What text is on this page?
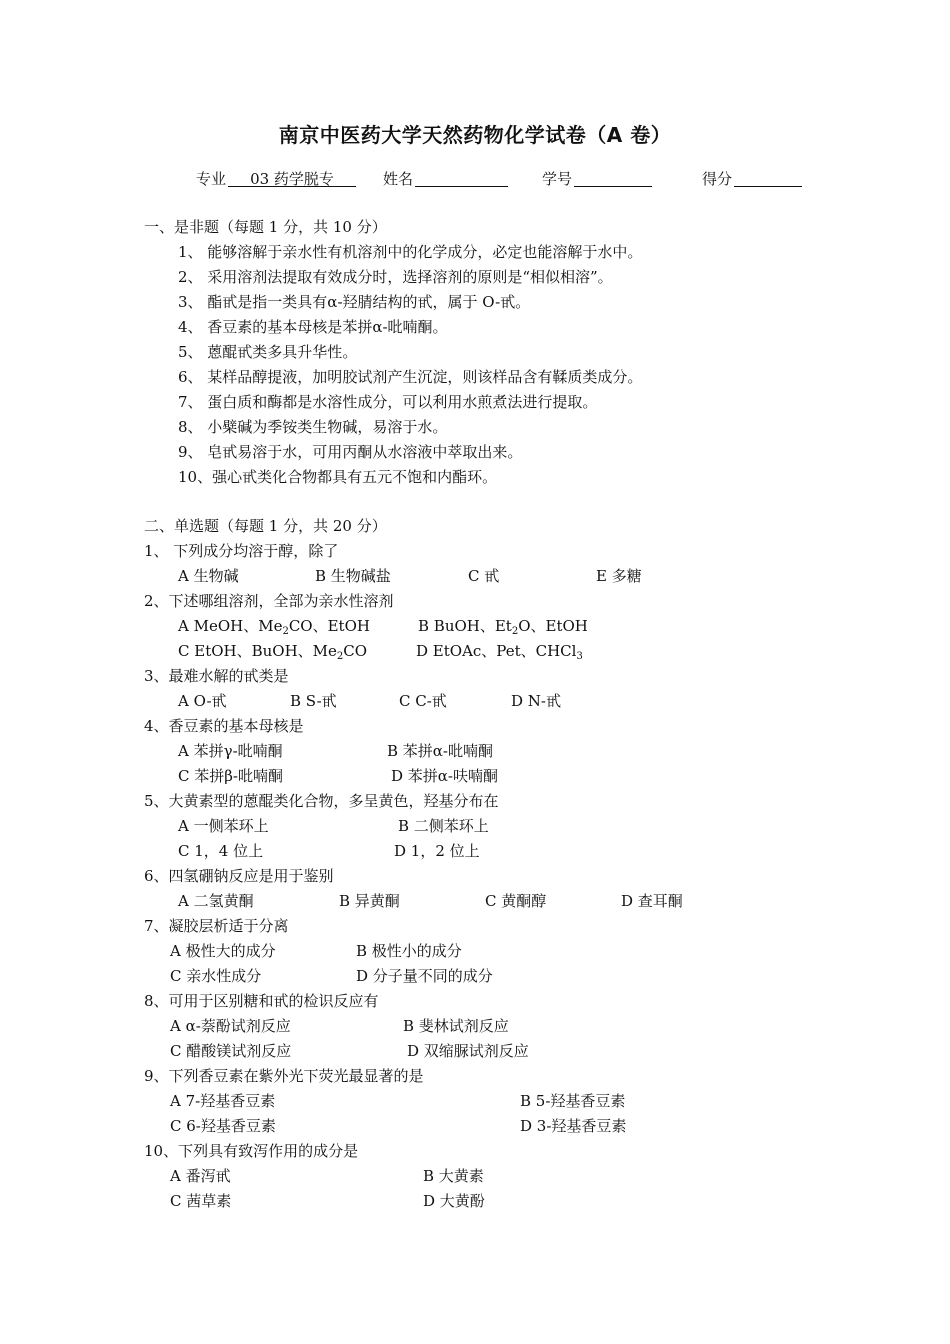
南京中医药大学天然药物化学试卷（A 卷）
专业	03 药学脱专	姓名	学号	得分
一、是非题（每题 1 分，共 10 分）
1、 能够溶解于亲水性有机溶剂中的化学成分，必定也能溶解于水中。
2、 采用溶剂法提取有效成分时，选择溶剂的原则是“相似相溶”。
3、 酯甙是指一类具有α-羟腈结构的甙，属于 O-甙。
4、 香豆素的基本母核是苯拼α-吡喃酮。
5、 蒽醌甙类多具升华性。
6、 某样品醇提液，加明胶试剂产生沉淀，则该样品含有鞣质类成分。
7、 蛋白质和酶都是水溶性成分，可以利用水煎煮法进行提取。
8、 小檗碱为季铵类生物碱，易溶于水。
9、 皂甙易溶于水，可用丙酮从水溶液中萃取出来。
10、强心甙类化合物都具有五元不饱和内酯环。
二、单选题（每题 1 分，共 20 分）
1、 下列成分均溶于醇，除了
A 生物碱	B 生物碱盐	C 甙	E 多糖
2、下述哪组溶剂，全部为亲水性溶剂
A MeOH、$Me_2CO$、EtOH	B BuOH、$Et_2O$、EtOH
C EtOH、BuOH、$Me_2CO$	D EtOAc、Pet、CHCl$_3$
3、最难水解的甙类是
A O-甙	B S-甙	C C-甙	D N-甙
4、香豆素的基本母核是
A 苯拼γ-吡喃酮	B 苯拼α-吡喃酮
C 苯拼β-吡喃酮	D 苯拼α-呋喃酮
5、大黄素型的蒽醌类化合物，多呈黄色，羟基分布在
A 一侧苯环上	B 二侧苯环上
C 1，4 位上	D 1，2 位上
6、四氢硼钠反应是用于鉴别
A 二氢黄酮	B 异黄酮	C 黄酮醇	D 查耳酮
7、凝胶层析适于分离
A 极性大的成分	B 极性小的成分
C 亲水性成分	D 分子量不同的成分
8、可用于区别糖和甙的检识反应有
A α-萘酚试剂反应	B 斐林试剂反应
C 醋酸镁试剂反应	D 双缩脲试剂反应
9、下列香豆素在紫外光下荧光最显著的是
A 7-羟基香豆素	B 5-羟基香豆素
C 6-羟基香豆素	D 3-羟基香豆素
10、下列具有致泻作用的成分是
A 番泻甙	B 大黄素
C 茜草素	D 大黄酚
